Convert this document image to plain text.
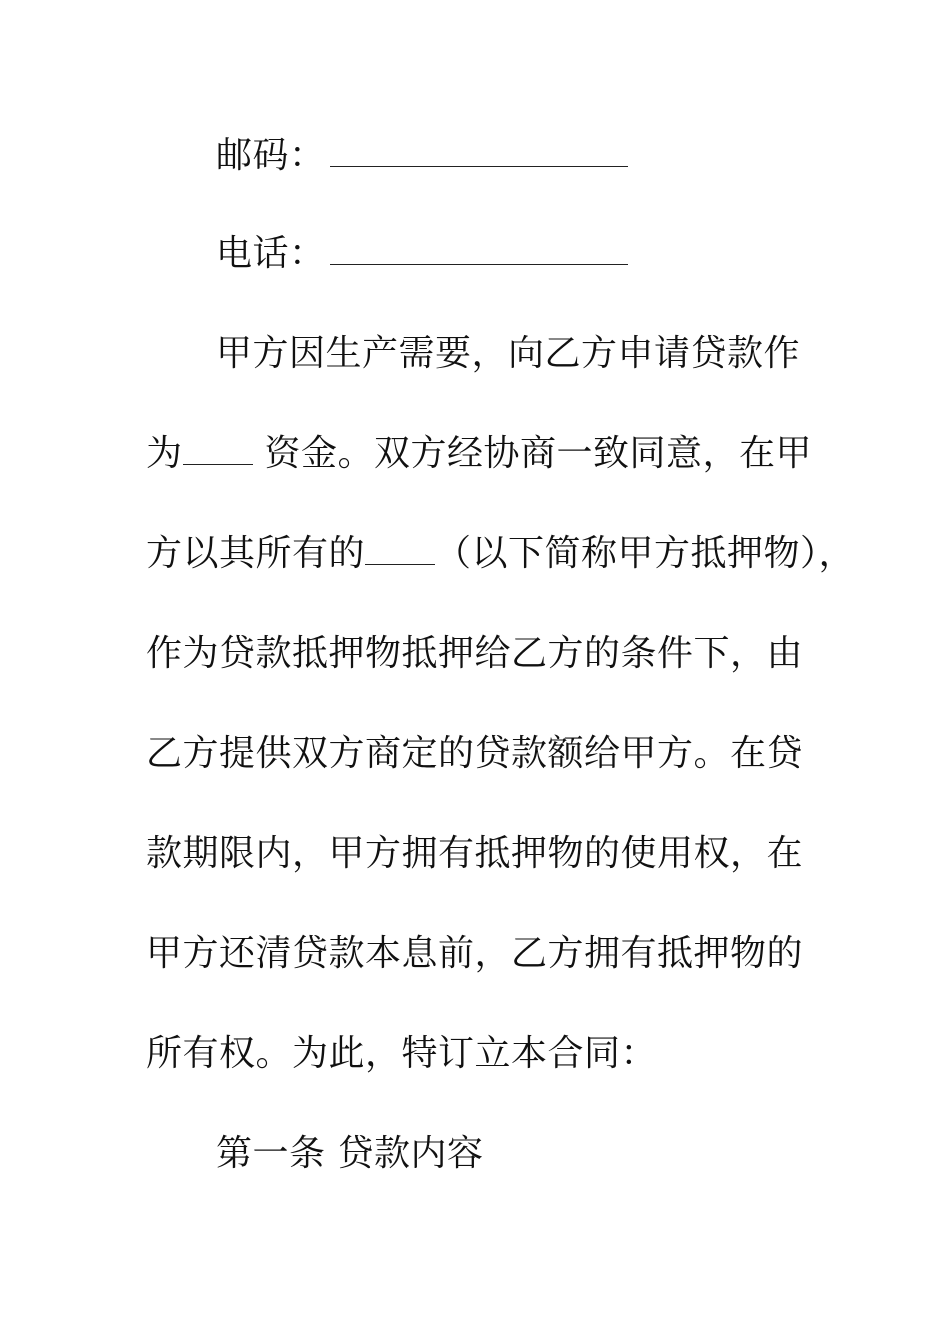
邮码：
电话：
甲方因生产需要，向乙方申请贷款作
为 资金。双方经协商一致同意，在甲
方以其所有的 （以下简称甲方抵押物），
作为贷款抵押物抵押给乙方的条件下，由
乙方提供双方商定的贷款额给甲方。在贷
款期限内，甲方拥有抵押物的使用权，在
甲方还清贷款本息前，乙方拥有抵押物的
所有权。为此，特订立本合同：
第一条 贷款内容
